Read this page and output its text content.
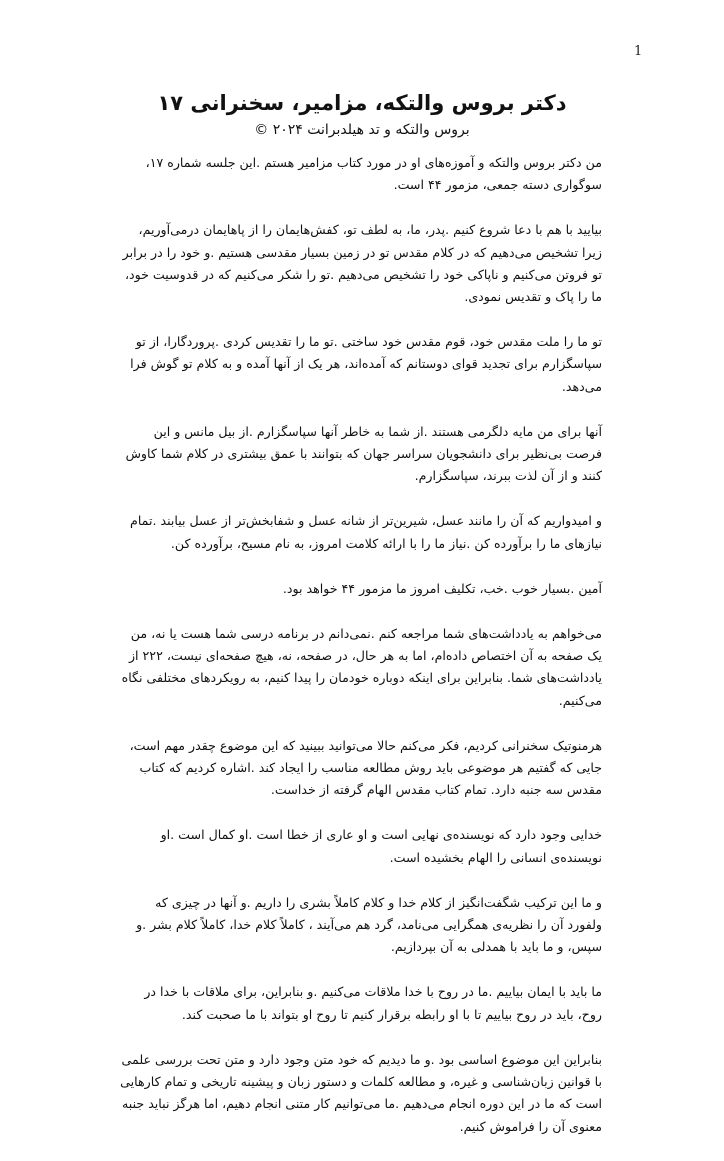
1
دکتر بروس والتکه، مزامیر، سخنرانی ۱۷

بروس والتکه و تد هیلدبرانت ۲۰۲۴ ©

من دکتر بروس والتکه و آموزه‌های او در مورد کتاب مزامیر هستم .این جلسه شماره ۱۷، سوگواری دسته جمعی، مزمور ۴۴ است.

بیایید با هم با دعا شروع کنیم .پدر، ما، به لطف تو، کفش‌هایمان را از پاهایمان درمی‌آوریم، زیرا تشخیص می‌دهیم که در کلام مقدس تو در زمین بسیار مقدسی هستیم .و خود را در برابر تو فروتن می‌کنیم و ناپاکی خود را تشخیص می‌دهیم .تو را شکر می‌کنیم که در قدوسیت خود، ما را پاک و تقدیس نمودی.

تو ما را ملت مقدس خود، قوم مقدس خود ساختی .تو ما را تقدیس کردی .پروردگارا، از تو سپاسگزارم برای تجدید قوای دوستانم که آمده‌اند، هر یک از آنها آمده و به کلام تو گوش فرا می‌دهد.

آنها برای من مایه دلگرمی هستند .از شما به خاطر آنها سپاسگزارم .از بیل مانس و این فرصت بی‌نظیر برای دانشجویان سراسر جهان که بتوانند با عمق بیشتری در کلام شما کاوش کنند و از آن لذت ببرند، سپاسگزارم.

و امیدواریم که آن را مانند عسل، شیرین‌تر از شانه عسل و شفابخش‌تر از عسل بیابند .تمام نیازهای ما را برآورده کن .نیاز ما را با ارائه کلامت امروز، به نام مسیح، برآورده کن.

آمین .بسیار خوب .خب، تکلیف امروز ما مزمور ۴۴ خواهد بود.

می‌خواهم به یادداشت‌های شما مراجعه کنم .نمی‌دانم در برنامه درسی شما هست یا نه، من یک صفحه به آن اختصاص داده‌ام، اما به هر حال، در صفحه، نه، هیچ صفحه‌ای نیست، ۲۲۲ از یادداشت‌های شما. بنابراین برای اینکه دوباره خودمان را پیدا کنیم، به رویکردهای مختلفی نگاه می‌کنیم.

هرمنوتیک سخنرانی کردیم، فکر می‌کنم حالا می‌توانید ببینید که این موضوع چقدر مهم است، جایی که گفتیم هر موضوعی باید روش مطالعه مناسب را ایجاد کند .اشاره کردیم که کتاب مقدس سه جنبه دارد. تمام کتاب مقدس الهام گرفته از خداست.

خدایی وجود دارد که نویسنده‌ی نهایی است و او عاری از خطا است .او کمال است .او نویسنده‌ی انسانی را الهام بخشیده است.

و ما این ترکیب شگفت‌انگیز از کلام خدا و کلام کاملاً بشری را داریم .و آنها در چیزی که ولفورد آن را نظریه‌ی همگرایی می‌نامد، گرد هم می‌آیند ، کاملاً کلام خدا، کاملاً کلام بشر .و سپس، و ما باید با همدلی به آن بپردازیم.

ما باید با ایمان بیاییم .ما در روح با خدا ملاقات می‌کنیم .و بنابراین، برای ملاقات با خدا در روح، باید در روح بیاییم تا با او رابطه برقرار کنیم تا روح او بتواند با ما صحبت کند.

بنابراین این موضوع اساسی بود .و ما دیدیم که خود متن وجود دارد و متن تحت بررسی علمی با قوانین زبان‌شناسی و غیره، و مطالعه کلمات و دستور زبان و پیشینه تاریخی و تمام کارهایی است که ما در این دوره انجام می‌دهیم .ما می‌توانیم کار متنی انجام دهیم، اما هرگز نباید جنبه معنوی آن را فراموش کنیم.
